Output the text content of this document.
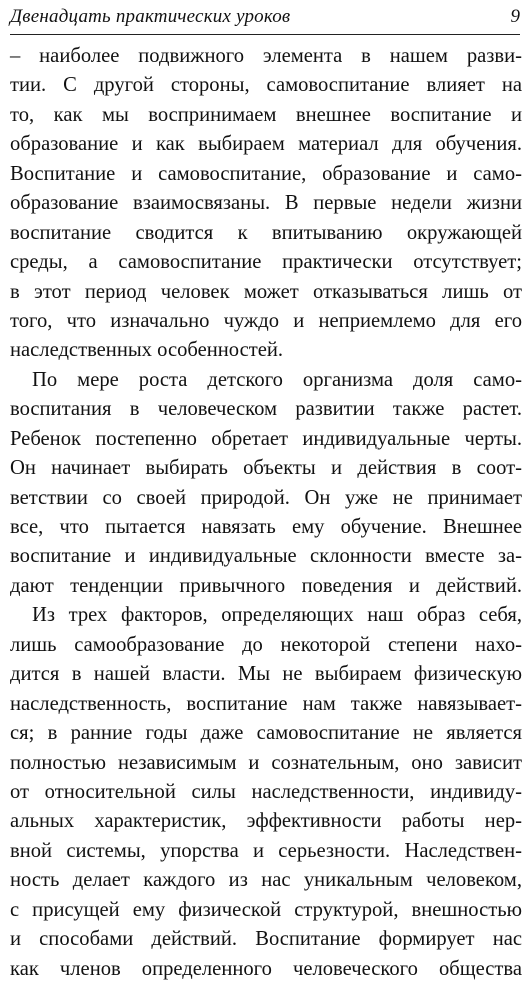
Двенадцать практических уроков	9
– наиболее подвижного элемента в нашем разви-
тии. С другой стороны, самовоспитание влияет на
то, как мы воспринимаем внешнее воспитание и
образование и как выбираем материал для обучения.
Воспитание и самовоспитание, образование и само-
образование взаимосвязаны. В первые недели жизни
воспитание сводится к впитыванию окружающей
среды, а самовоспитание практически отсутствует;
в этот период человек может отказываться лишь от
того, что изначально чуждо и неприемлемо для его
наследственных особенностей.
По мере роста детского организма доля само-
воспитания в человеческом развитии также растет.
Ребенок постепенно обретает индивидуальные черты.
Он начинает выбирать объекты и действия в соот-
ветствии со своей природой. Он уже не принимает
все, что пытается навязать ему обучение. Внешнее
воспитание и индивидуальные склонности вместе за-
дают тенденции привычного поведения и действий.
Из трех факторов, определяющих наш образ себя,
лишь самообразование до некоторой степени нахо-
дится в нашей власти. Мы не выбираем физическую
наследственность, воспитание нам также навязывает-
ся; в ранние годы даже самовоспитание не является
полностью независимым и сознательным, оно зависит
от относительной силы наследственности, индивиду-
альных характеристик, эффективности работы нер-
вной системы, упорства и серьезности. Наследствен-
ность делает каждого из нас уникальным человеком,
с присущей ему физической структурой, внешностью
и способами действий. Воспитание формирует нас
как членов определенного человеческого общества
